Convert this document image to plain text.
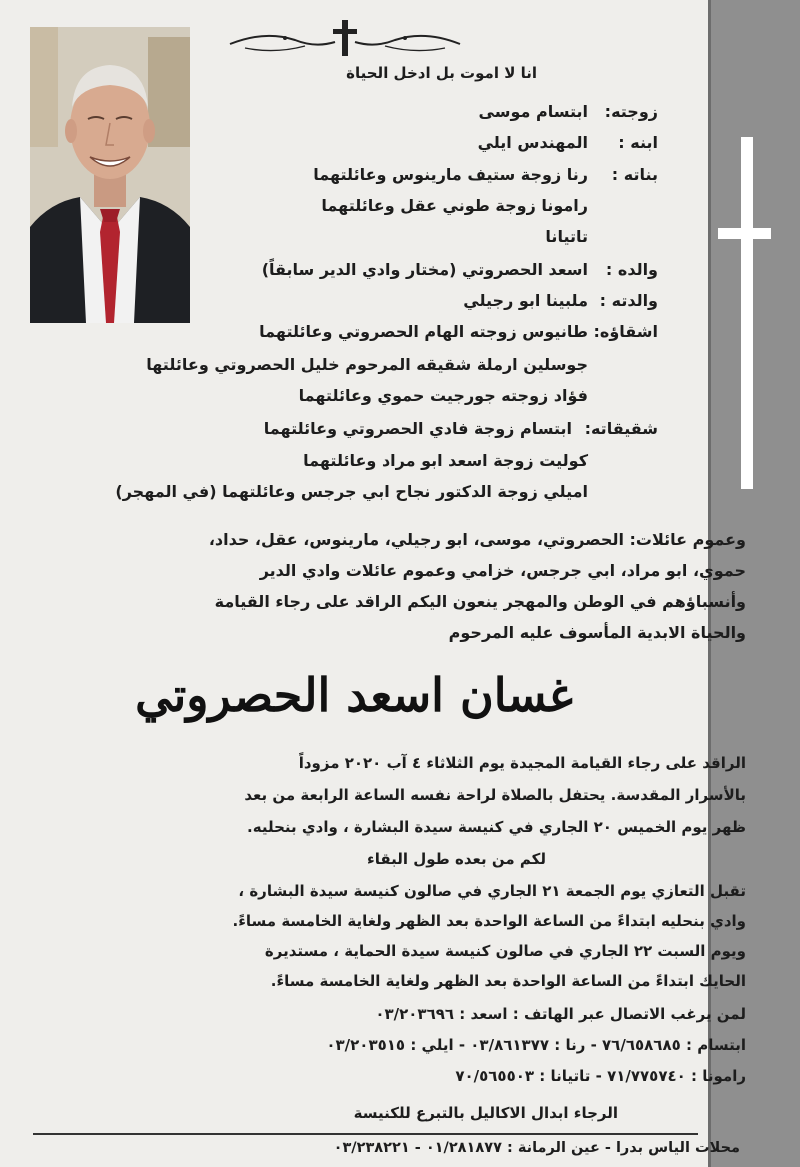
انا لا اموت بل ادخل الحياة
زوجته:
ابتسام موسى
ابنه :
المهندس ايلي
بناته :
رنا زوجة ستيف مارينوس وعائلتهما
رامونا زوجة طوني عقل وعائلتهما
تاتيانا
والده :
اسعد الحصروتي (مختار وادي الدير سابقاً)
والدته :
ملبينا ابو رجيلي
اشقاؤه:
طانيوس زوجته الهام الحصروتي وعائلتهما
جوسلين ارملة شقيقه المرحوم خليل الحصروتي وعائلتها
فؤاد زوجته جورجيت حموي وعائلتهما
شقيقاته:
ابتسام زوجة فادي الحصروتي وعائلتهما
كوليت زوجة اسعد ابو مراد وعائلتهما
اميلي زوجة الدكتور نجاح ابي جرجس وعائلتهما (في المهجر)
وعموم عائلات: الحصروتي، موسى، ابو رجيلي، مارينوس، عقل، حداد،
حموي، ابو مراد، ابي جرجس، خزامي وعموم عائلات وادي الدير
وأنسباؤهم في الوطن والمهجر ينعون اليكم الراقد على رجاء القيامة
والحياة الابدية المأسوف عليه المرحوم
غسان اسعد الحصروتي
الراقد على رجاء القيامة المجيدة يوم الثلاثاء ٤ آب ٢٠٢٠ مزوداً
بالأسرار المقدسة. يحتفل بالصلاة لراحة نفسه الساعة الرابعة من بعد
ظهر يوم الخميس ٢٠ الجاري في كنيسة سيدة البشارة ، وادي بنحليه.
لكم من بعده طول البقاء
تقبل التعازي يوم الجمعة ٢١ الجاري في صالون كنيسة سيدة البشارة ،
وادي بنحليه ابتداءً من الساعة الواحدة بعد الظهر ولغاية الخامسة مساءً.
ويوم السبت ٢٢ الجاري في صالون كنيسة سيدة الحماية ، مستديرة
الحايك ابتداءً من الساعة الواحدة بعد الظهر ولغاية الخامسة مساءً.
لمن يرغب الاتصال عبر الهاتف : اسعد : ٠٣/٢٠٣٦٩٦
ابتسام : ٧٦/٦٥٨٦٨٥ - رنا : ٠٣/٨٦١٣٧٧ - ايلي : ٠٣/٢٠٣٥١٥
رامونا : ٧١/٧٧٥٧٤٠ - تاتيانا : ٧٠/٥٦٥٥٠٣
الرجاء ابدال الاكاليل بالتبرع للكنيسة
محلات الياس بدرا - عين الرمانة : ٠١/٢٨١٨٧٧ - ٠٣/٢٣٨٢٢١
